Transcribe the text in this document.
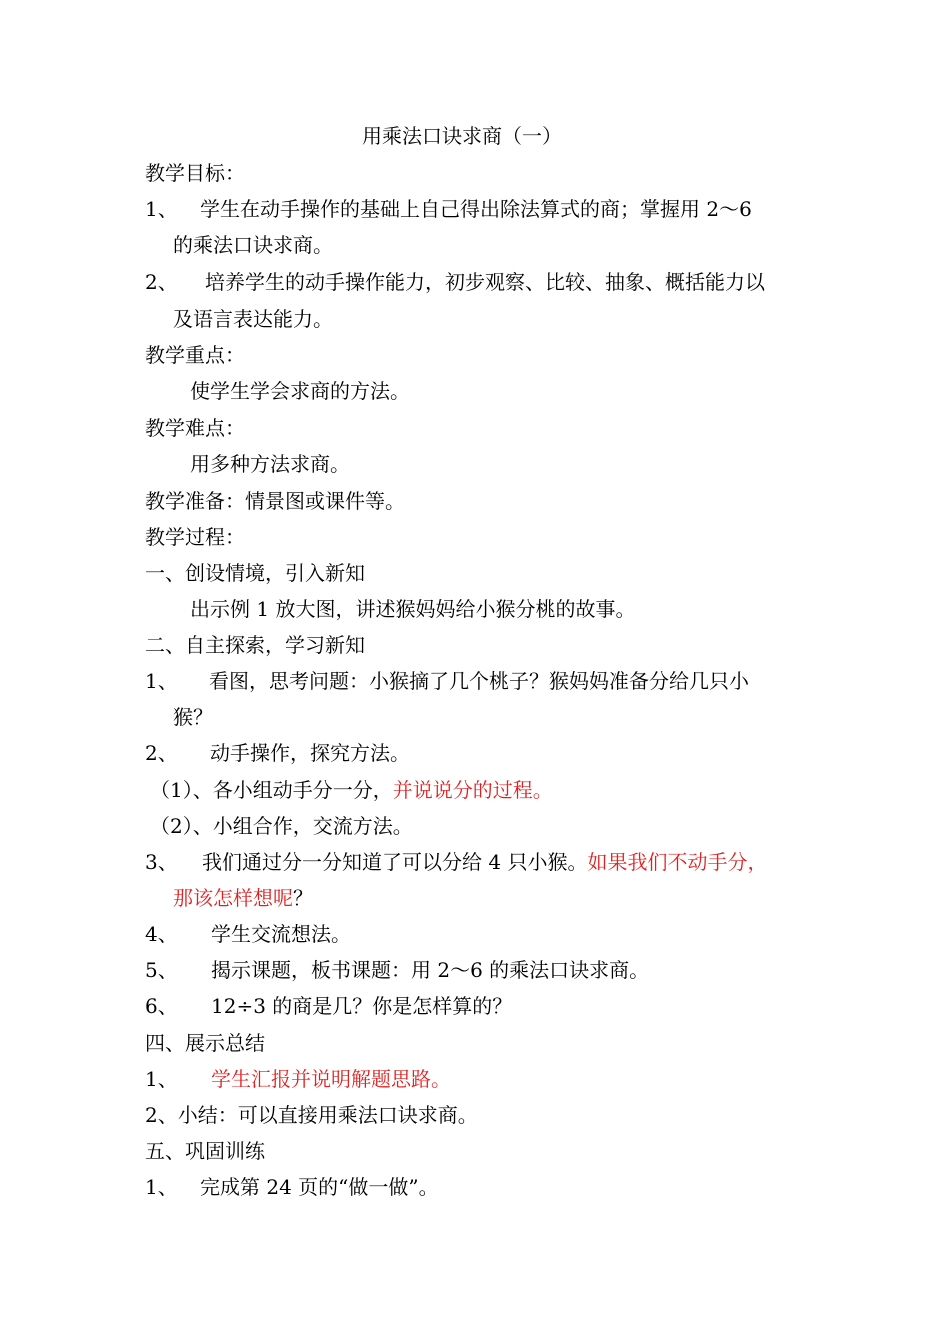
用乘法口诀求商（一）
教学目标：
1、 学生在动手操作的基础上自己得出除法算式的商；掌握用 2～6
的乘法口诀求商。
2、 培养学生的动手操作能力，初步观察、比较、抽象、概括能力以
及语言表达能力。
教学重点：
使学生学会求商的方法。
教学难点：
用多种方法求商。
教学准备：情景图或课件等。
教学过程：
一、创设情境，引入新知
出示例 1 放大图，讲述猴妈妈给小猴分桃的故事。
二、自主探索，学习新知
1、 看图，思考问题：小猴摘了几个桃子？猴妈妈准备分给几只小
猴？
2、 动手操作，探究方法。
（1）、各小组动手分一分，并说说分的过程。
（2）、小组合作，交流方法。
3、 我们通过分一分知道了可以分给 4 只小猴。如果我们不动手分，
那该怎样想呢？
4、 学生交流想法。
5、 揭示课题，板书课题：用 2～6 的乘法口诀求商。
6、 12÷3 的商是几？你是怎样算的？
四、展示总结
1、 学生汇报并说明解题思路。
2、小结：可以直接用乘法口诀求商。
五、巩固训练
1、 完成第 24 页的“做一做”。
